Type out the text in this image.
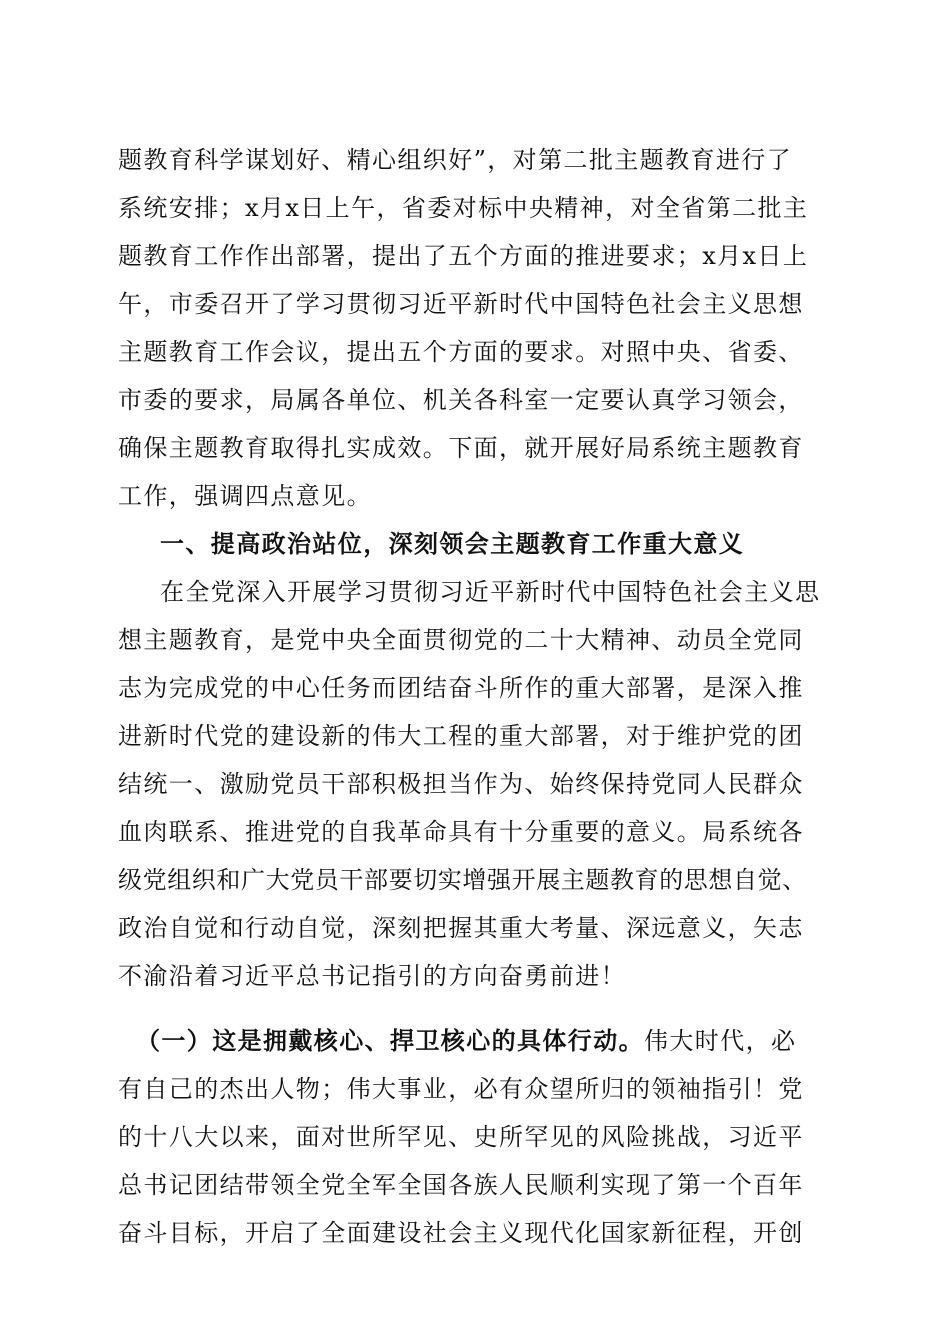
题教育科学谋划好、精心组织好”，对第二批主题教育进行了
系统安排；x月x日上午，省委对标中央精神，对全省第二批主
题教育工作作出部署，提出了五个方面的推进要求；x月x日上
午，市委召开了学习贯彻习近平新时代中国特色社会主义思想
主题教育工作会议，提出五个方面的要求。对照中央、省委、
市委的要求，局属各单位、机关各科室一定要认真学习领会，
确保主题教育取得扎实成效。下面，就开展好局系统主题教育
工作，强调四点意见。
一、提高政治站位，深刻领会主题教育工作重大意义
在全党深入开展学习贯彻习近平新时代中国特色社会主义思
想主题教育，是党中央全面贯彻党的二十大精神、动员全党同
志为完成党的中心任务而团结奋斗所作的重大部署，是深入推
进新时代党的建设新的伟大工程的重大部署，对于维护党的团
结统一、激励党员干部积极担当作为、始终保持党同人民群众
血肉联系、推进党的自我革命具有十分重要的意义。局系统各
级党组织和广大党员干部要切实增强开展主题教育的思想自觉、
政治自觉和行动自觉，深刻把握其重大考量、深远意义，矢志
不渝沿着习近平总书记指引的方向奋勇前进！
（一）这是拥戴核心、捍卫核心的具体行动。伟大时代，必
有自己的杰出人物；伟大事业，必有众望所归的领袖指引！党
的十八大以来，面对世所罕见、史所罕见的风险挑战，习近平
总书记团结带领全党全军全国各族人民顺利实现了第一个百年
奋斗目标，开启了全面建设社会主义现代化国家新征程，开创
